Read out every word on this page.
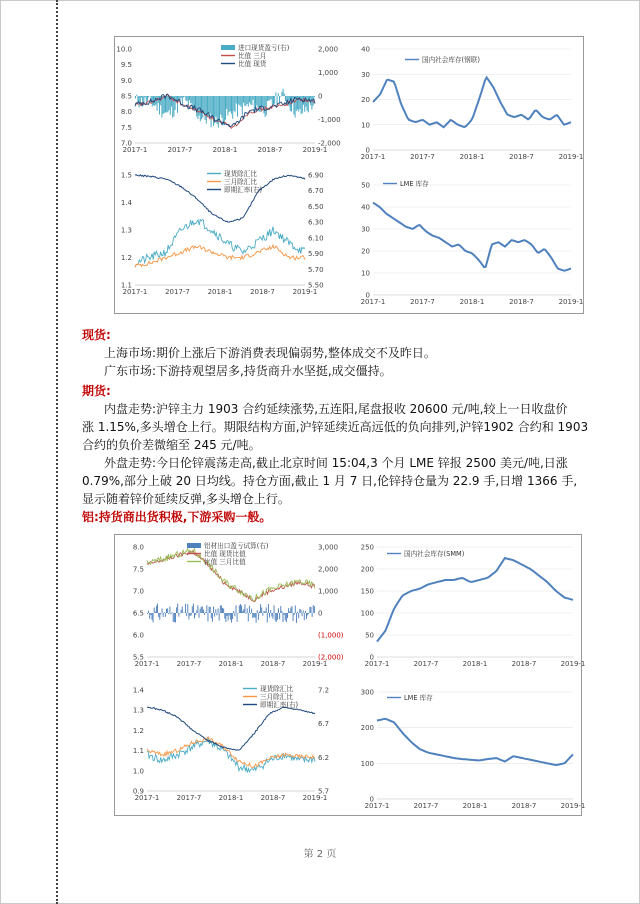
10.0
9.5
9.0
8.5
8.0
7.5
7.0
2,000
1,000
0
-1,000
-2,000
2017-1	2017-7	2018-1	2018-7	2019-1
进口现货盈亏(右)
比值 三月
比值 现货
40
30
20
10
0
2017-1	2017-7	2018-1	2018-7	2019-1
国内社会库存(钢联)
1.5
1.4
1.3
1.2
1.1
6.90
6.70
6.50
6.30
6.10
5.90
5.70
5.50
2017-1	2017-7	2018-1	2018-7	2019-1
现货除汇比
三月除汇比
即期汇率(右)
50
40
30
20
10
0
2017-1	2017-7	2018-1	2018-7	2019-1
LME 库存
现货:
上海市场:期价上涨后下游消费表现偏弱势,整体成交不及昨日。
广东市场:下游持观望居多,持货商升水坚挺,成交僵持。
期货:
内盘走势:沪锌主力 1903 合约延续涨势,五连阳,尾盘报收 20600 元/吨,较上一日收盘价
涨 1.15%,多头增仓上行。期限结构方面,沪锌延续近高远低的负向排列,沪锌1902 合约和 1903
合约的负价差微缩至 245 元/吨。
外盘走势:今日伦锌震荡走高,截止北京时间 15:04,3 个月 LME 锌报 2500 美元/吨,日涨
0.79%,部分上破 20 日均线。持仓方面,截止 1 月 7 日,伦锌持仓量为 22.9 手,日增 1366 手,
显示随着锌价延续反弹,多头增仓上行。
铝:持货商出货积极,下游采购一般。
8.0
7.5
7.0
6.5
6.0
5.5
3,000
2,000
1,000
0
(1,000)
(2,000)
2017-1 2017-7 2018-1 2018-7 2019-1
铝材出口盈亏试算(右)
比值 现货比值
比值 三月比值
250
200
150
100
50
0
2017-1	2017-7	2018-1	2018-7	2019-1
国内社会库存(SMM)
1.4
1.3
1.2
1.1
1.0
0.9
7.2
6.7
6.2
5.7
2017-1 2017-7 2018-1 2018-7 2019-1
现货除汇比
三月除汇比
即期汇率(右)
300
200
100
0
2017-1	2017-7	2018-1	2018-7	2019-1
LME 库存
第 2 页
